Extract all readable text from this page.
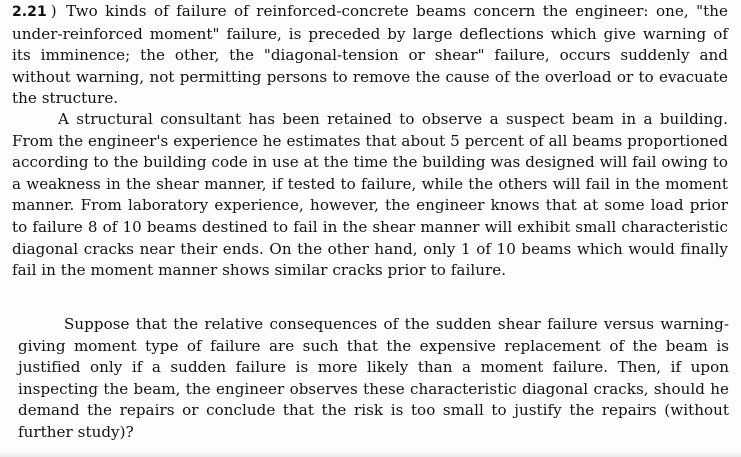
2.21 ) Two kinds of failure of reinforced-concrete beams concern the engineer: one, "the under-reinforced moment" failure, is preceded by large deflections which give warning of its imminence; the other, the "diagonal-tension or shear" failure, occurs suddenly and without warning, not permitting persons to remove the cause of the overload or to evacuate the structure.

A structural consultant has been retained to observe a suspect beam in a building. From the engineer's experience he estimates that about 5 percent of all beams proportioned according to the building code in use at the time the building was designed will fail owing to a weakness in the shear manner, if tested to failure, while the others will fail in the moment manner. From laboratory experience, however, the engineer knows that at some load prior to failure 8 of 10 beams destined to fail in the shear manner will exhibit small characteristic diagonal cracks near their ends. On the other hand, only 1 of 10 beams which would finally fail in the moment manner shows similar cracks prior to failure.

Suppose that the relative consequences of the sudden shear failure versus warning-giving moment type of failure are such that the expensive replacement of the beam is justified only if a sudden failure is more likely than a moment failure. Then, if upon inspecting the beam, the engineer observes these characteristic diagonal cracks, should he demand the repairs or conclude that the risk is too small to justify the repairs (without further study)?
